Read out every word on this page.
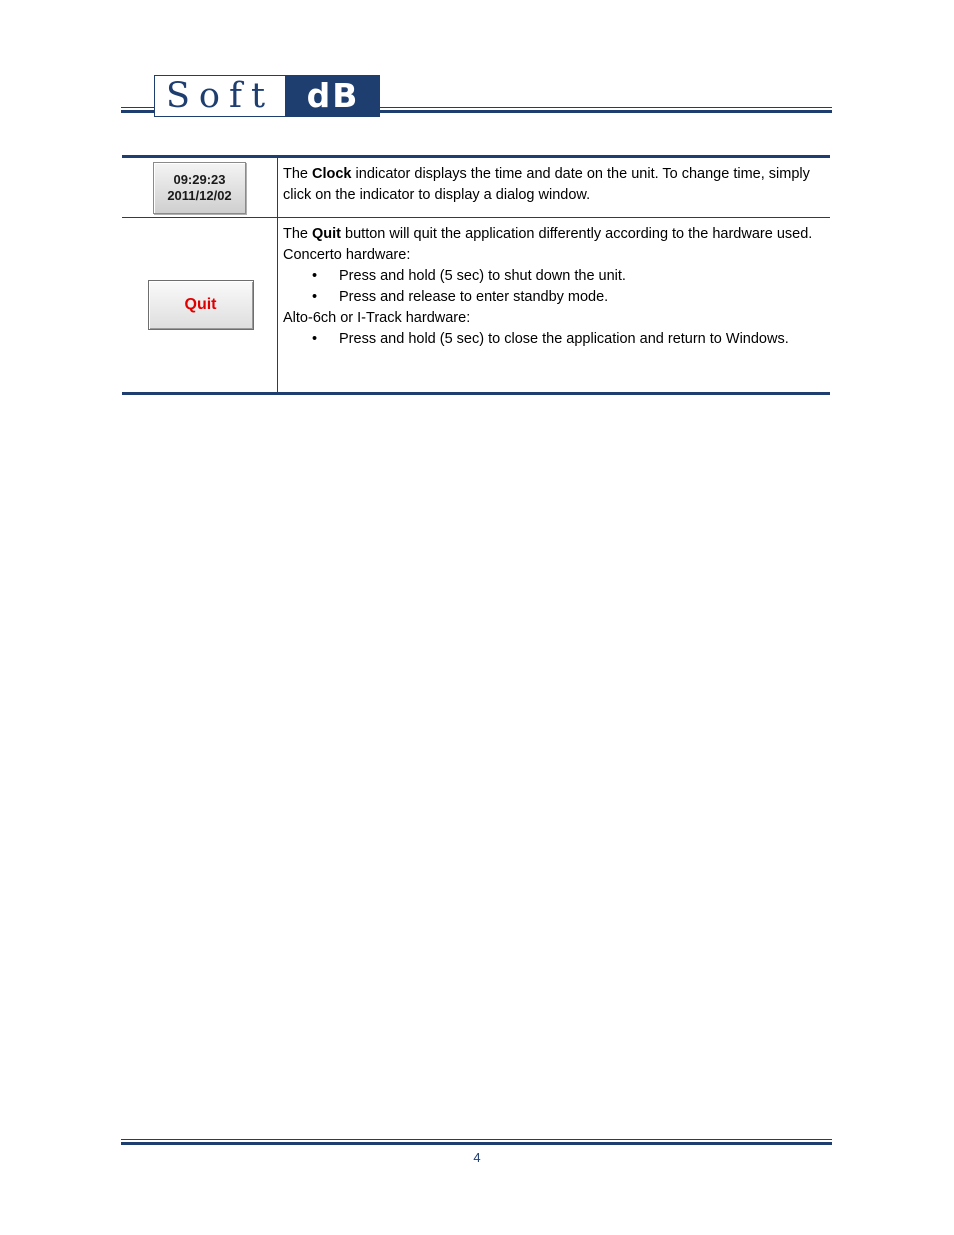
Soft dB
09:29:23
2011/12/02
The Clock indicator displays the time and date on the unit. To change time, simply click on the indicator to display a dialog window.
Quit
The Quit button will quit the application differently according to the hardware used.
Concerto hardware:
• Press and hold (5 sec) to shut down the unit.
• Press and release to enter standby mode.
Alto-6ch or I-Track hardware:
• Press and hold (5 sec) to close the application and return to Windows.
4
